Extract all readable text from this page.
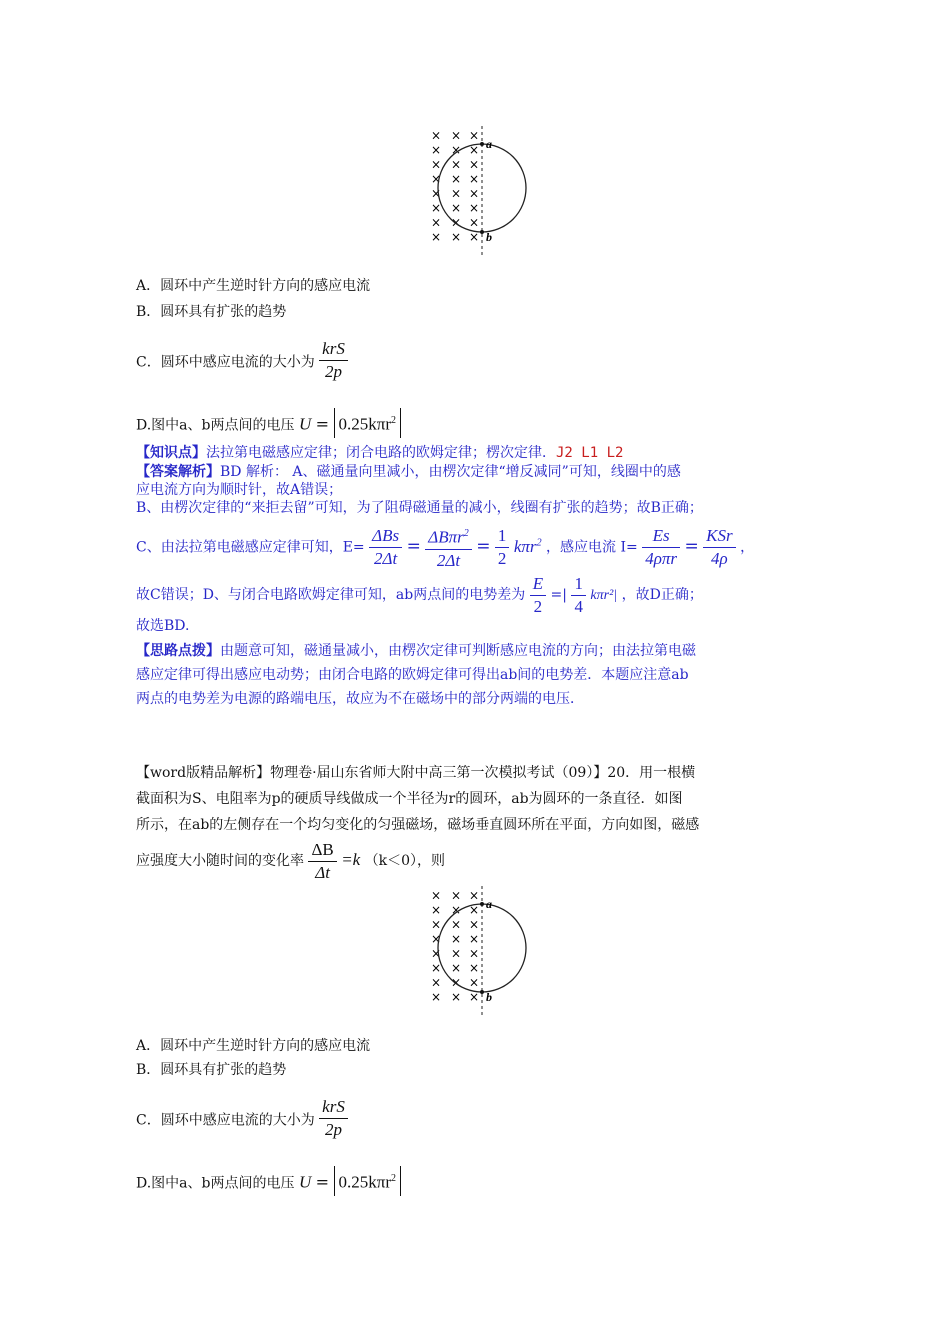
× × ×
× × ×
× × ×
× × ×
× × ×
× × ×
× × ×
× × ×
a
b
A．圆环中产生逆时针方向的感应电流
B．圆环具有扩张的趋势
C．圆环中感应电流的大小为 $\frac{\text{krS}}{2p}$
D.图中a、b两点间的电压 U = 0.25kπr$^2$
【知识点】法拉第电磁感应定律；闭合电路的欧姆定律；楞次定律．J2 L1 L2
【答案解析】BD 解析： A、磁通量向里减小，由楞次定律“增反减同”可知，线圈中的感
应电流方向为顺时针，故A错误；
B、由楞次定律的“来拒去留”可知，为了阻碍磁通量的减小，线圈有扩张的趋势；故B正确；
C、由法拉第电磁感应定律可知，$E= \frac{\text{ΔBs}}{2\Delta t} = \frac{\Delta B\pi r^2}{2\Delta t} = \frac{1}{2} k\pi r^2$ ，感应电流 $I= \frac{Es}{\text{4ρπr}} = \frac{\text{KSr}}{4\rho}$ ，
故C错误；D、与闭合电路欧姆定律可知，ab两点间的电势差为 $\frac{E}{2}$ =| $\frac{1}{4} k\pi r^2|$ ，故D正确；
故选BD.
【思路点拨】由题意可知，磁通量减小，由楞次定律可判断感应电流的方向；由法拉第电磁
感应定律可得出感应电动势；由闭合电路的欧姆定律可得出ab间的电势差．本题应注意ab
两点的电势差为电源的路端电压，故应为不在磁场中的部分两端的电压．
【word版精品解析】物理卷·届山东省师大附中高三第一次模拟考试（09）】20．用一根横
截面积为S、电阻率为p的硬质导线做成一个半径为r的圆环，ab为圆环的一条直径．如图
所示，在ab的左侧存在一个均匀变化的匀强磁场，磁场垂直圆环所在平面，方向如图，磁感
应强度大小随时间的变化率 $\frac{\Delta B}{\Delta t} =k$ （k＜0），则
× × ×
× × ×
× × ×
× × ×
× × ×
× × ×
× × ×
× × ×
a
b
A．圆环中产生逆时针方向的感应电流
B．圆环具有扩张的趋势
C．圆环中感应电流的大小为 $\frac{\text{krS}}{2p}$
D.图中a、b两点间的电压 U = 0.25kπr$^2$
